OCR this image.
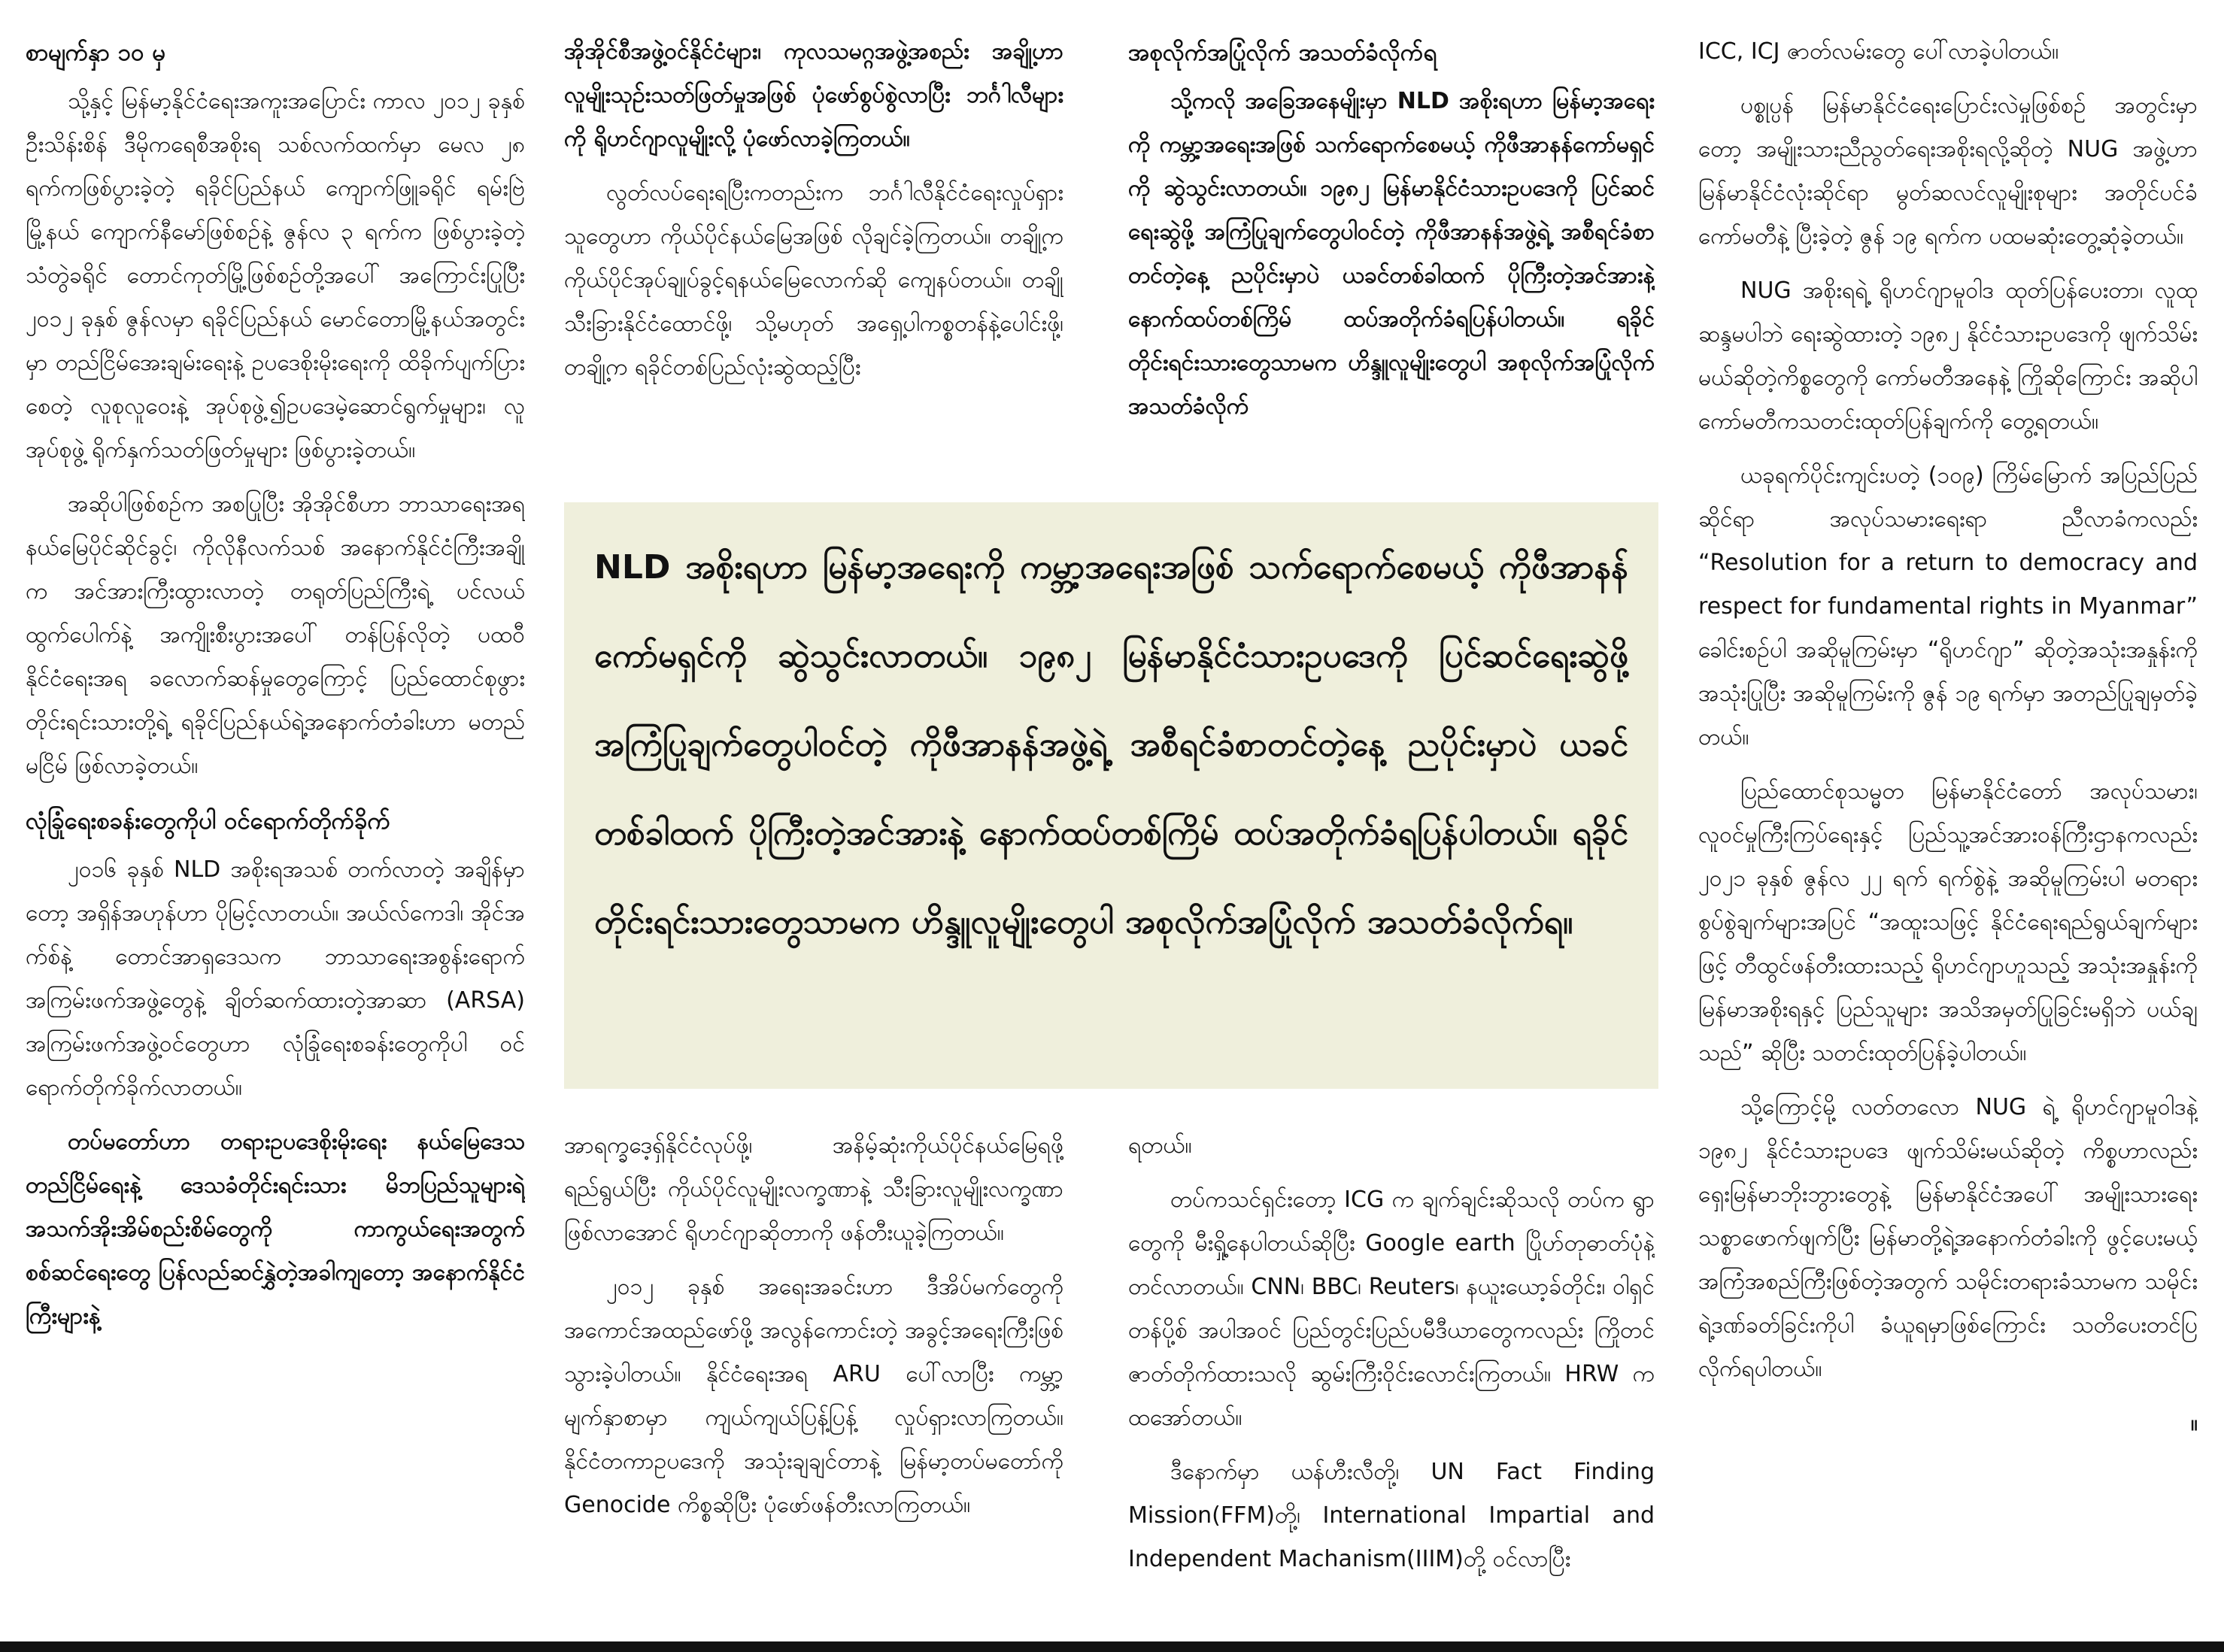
စာမျက်နှာ ၁၀ မှ

သို့နှင့် မြန်မာ့နိုင်ငံရေးအကူးအပြောင်း ကာလ ၂၀၁၂ ခုနှစ် ဦးသိန်းစိန် ဒီမိုကရေစီအစိုးရ သစ်လက်ထက်မှာ မေလ ၂၈ ရက်ကဖြစ်ပွားခဲ့တဲ့ ရခိုင်ပြည်နယ် ကျောက်ဖြူခရိုင် ရမ်းဗြဲမြို့နယ် ကျောက်နီမော်ဖြစ်စဉ်နဲ့ ဇွန်လ ၃ ရက်က ဖြစ်ပွားခဲ့တဲ့ သံတွဲခရိုင် တောင်ကုတ်မြို့ဖြစ်စဉ်တို့အပေါ် အကြောင်းပြုပြီး ၂၀၁၂ ခုနှစ် ဇွန်လမှာ ရခိုင်ပြည်နယ် မောင်တောမြို့နယ်အတွင်းမှာ တည်ငြိမ်အေးချမ်းရေးနဲ့ ဥပဒေစိုးမိုးရေးကို ထိခိုက်ပျက်ပြားစေတဲ့ လူစုလူဝေးနဲ့ အုပ်စုဖွဲ့၍ဥပဒေမဲ့ဆောင်ရွက်မှုများ၊ လူအုပ်စုဖွဲ့ ရိုက်နှက်သတ်ဖြတ်မှုများ ဖြစ်ပွားခဲ့တယ်။

အဆိုပါဖြစ်စဉ်က အစပြုပြီး အိုအိုင်စီဟာ ဘာသာရေးအရ နယ်မြေပိုင်ဆိုင်ခွင့်၊ ကိုလိုနီလက်သစ် အနောက်နိုင်ငံကြီးအချို့က အင်အားကြီးထွားလာတဲ့ တရုတ်ပြည်ကြီးရဲ့ ပင်လယ်ထွက်ပေါက်နဲ့ အကျိုးစီးပွားအပေါ် တန်ပြန်လိုတဲ့ ပထဝီနိုင်ငံရေးအရ ခလောက်ဆန်မှုတွေကြောင့် ပြည်ထောင်စုဖွားတိုင်းရင်းသားတို့ရဲ့ ရခိုင်ပြည်နယ်ရဲ့အနောက်တံခါးဟာ မတည်မငြိမ် ဖြစ်လာခဲ့တယ်။

လုံခြုံရေးစခန်းတွေကိုပါ ဝင်ရောက်တိုက်ခိုက်

၂၀၁၆ ခုနှစ် NLD အစိုးရအသစ် တက်လာတဲ့ အချိန်မှာတော့ အရှိန်အဟုန်ဟာ ပိုမြင့်လာတယ်။ အယ်လ်ကေဒါ၊ အိုင်အက်စ်နဲ့ တောင်အာရှဒေသက ဘာသာရေးအစွန်းရောက် အကြမ်းဖက်အဖွဲ့တွေနဲ့ ချိတ်ဆက်ထားတဲ့အာဆာ (ARSA) အကြမ်းဖက်အဖွဲ့ဝင်တွေဟာ လုံခြုံရေးစခန်းတွေကိုပါ ဝင်ရောက်တိုက်ခိုက်လာတယ်။

တပ်မတော်ဟာ တရားဥပဒေစိုးမိုးရေး နယ်မြေဒေသတည်ငြိမ်ရေးနဲ့ ဒေသခံတိုင်းရင်းသား မိဘပြည်သူများရဲ့အသက်အိုးအိမ်စည်းစိမ်တွေကို ကာကွယ်ရေးအတွက် စစ်ဆင်ရေးတွေ ပြန်လည်ဆင်နွှဲတဲ့အခါကျတော့ အနောက်နိုင်ငံကြီးများနဲ့

အိုအိုင်စီအဖွဲ့ဝင်နိုင်ငံများ၊ ကုလသမဂ္ဂအဖွဲ့အစည်း အချို့ဟာ လူမျိုးသုဉ်းသတ်ဖြတ်မှုအဖြစ် ပုံဖော်စွပ်စွဲလာပြီး ဘင်္ဂါလီများကို ရိုဟင်ဂျာလူမျိုးလို့ ပုံဖော်လာခဲ့ကြတယ်။

လွတ်လပ်ရေးရပြီးကတည်းက ဘင်္ဂါလီနိုင်ငံရေးလှုပ်ရှားသူတွေဟာ ကိုယ်ပိုင်နယ်မြေအဖြစ် လိုချင်ခဲ့ကြတယ်။ တချို့က ကိုယ်ပိုင်အုပ်ချုပ်ခွင့်ရနယ်မြေလောက်ဆို ကျေနပ်တယ်။ တချို့ သီးခြားနိုင်ငံထောင်ဖို့၊ သို့မဟုတ် အရှေ့ပါကစ္စတန်နဲ့ပေါင်းဖို့၊ တချို့က ရခိုင်တစ်ပြည်လုံးဆွဲထည့်ပြီး

အစုလိုက်အပြုံလိုက် အသတ်ခံလိုက်ရ

သို့ကလို အခြေအနေမျိုးမှာ NLD အစိုးရဟာ မြန်မာ့အရေးကို ကမ္ဘာ့အရေးအဖြစ် သက်ရောက်စေမယ့် ကိုဖီအာနန်ကော်မရှင်ကို ဆွဲသွင်းလာတယ်။ ၁၉၈၂ မြန်မာနိုင်ငံသားဥပဒေကို ပြင်ဆင်ရေးဆွဲဖို့ အကြံပြုချက်တွေပါဝင်တဲ့ ကိုဖီအာနန်အဖွဲ့ရဲ့ အစီရင်ခံစာတင်တဲ့နေ့ ညပိုင်းမှာပဲ ယခင်တစ်ခါထက် ပိုကြီးတဲ့အင်အားနဲ့ နောက်ထပ်တစ်ကြိမ် ထပ်အတိုက်ခံရပြန်ပါတယ်။ ရခိုင်တိုင်းရင်းသားတွေသာမက ဟိန္ဒူလူမျိုးတွေပါ အစုလိုက်အပြုံလိုက် အသတ်ခံလိုက်

NLD အစိုးရဟာ မြန်မာ့အရေးကို ကမ္ဘာ့အရေးအဖြစ် သက်ရောက်စေမယ့် ကိုဖီအာနန်ကော်မရှင်ကို ဆွဲသွင်းလာတယ်။ ၁၉၈၂ မြန်မာနိုင်ငံသားဥပဒေကို ပြင်ဆင်ရေးဆွဲဖို့ အကြံပြုချက်တွေပါဝင်တဲ့ ကိုဖီအာနန်အဖွဲ့ရဲ့ အစီရင်ခံစာတင်တဲ့နေ့ ညပိုင်းမှာပဲ ယခင်တစ်ခါထက် ပိုကြီးတဲ့အင်အားနဲ့ နောက်ထပ်တစ်ကြိမ် ထပ်အတိုက်ခံရပြန်ပါတယ်။ ရခိုင်တိုင်းရင်းသားတွေသာမက ဟိန္ဒူလူမျိုးတွေပါ အစုလိုက်အပြုံလိုက် အသတ်ခံလိုက်ရ။

အာရက္ခဒေ့ရှ်နိုင်ငံလုပ်ဖို့၊ အနိမ့်ဆုံးကိုယ်ပိုင်နယ်မြေရဖို့ ရည်ရွယ်ပြီး ကိုယ်ပိုင်လူမျိုးလက္ခဏာနဲ့ သီးခြားလူမျိုးလက္ခဏာဖြစ်လာအောင် ရိုဟင်ဂျာဆိုတာကို ဖန်တီးယူခဲ့ကြတယ်။

၂၀၁၂ ခုနှစ် အရေးအခင်းဟာ ဒီအိပ်မက်တွေကို အကောင်အထည်ဖော်ဖို့ အလွန်ကောင်းတဲ့ အခွင့်အရေးကြီးဖြစ်သွားခဲ့ပါတယ်။ နိုင်ငံရေးအရ ARU ပေါ်လာပြီး ကမ္ဘာ့မျက်နှာစာမှာ ကျယ်ကျယ်ပြန့်ပြန့် လှုပ်ရှားလာကြတယ်။ နိုင်ငံတကာဥပဒေကို အသုံးချချင်တာနဲ့ မြန်မာ့တပ်မတော်ကို Genocide ကိစ္စဆိုပြီး ပုံဖော်ဖန်တီးလာကြတယ်။

ရတယ်။

တပ်ကသင်ရှင်းတော့ ICG က ချက်ချင်းဆိုသလို တပ်က ရွာတွေကို မီးရှို့နေပါတယ်ဆိုပြီး Google earth ပြိုဟ်တုဓာတ်ပုံနဲ့တင်လာတယ်။ CNN၊ BBC၊ Reuters၊ နယူးယော့ခ်တိုင်း၊ ဝါရှင်တန်ပို့စ် အပါအဝင် ပြည်တွင်းပြည်ပမီဒီယာတွေကလည်း ကြိုတင်ဇာတ်တိုက်ထားသလို ဆွမ်းကြီးဝိုင်းလောင်းကြတယ်။ HRW က ထအော်တယ်။

ဒီနောက်မှာ ယန်ဟီးလီတို့၊ UN Fact Finding Mission(FFM)တို့၊ International Impartial and Independent Machanism(IIIM)တို့ ဝင်လာပြီး

ICC, ICJ ဇာတ်လမ်းတွေ ပေါ်လာခဲ့ပါတယ်။

ပစ္စုပ္ပန် မြန်မာနိုင်ငံရေးပြောင်းလဲမှုဖြစ်စဉ် အတွင်းမှာတော့ အမျိုးသားညီညွတ်ရေးအစိုးရလို့ဆိုတဲ့ NUG အဖွဲ့ဟာ မြန်မာနိုင်ငံလုံးဆိုင်ရာ မွတ်ဆလင်လူမျိုးစုများ အတိုင်ပင်ခံကော်မတီနဲ့ ပြီးခဲ့တဲ့ ဇွန် ၁၉ ရက်က ပထမဆုံးတွေ့ဆုံခဲ့တယ်။

NUG အစိုးရရဲ့ ရိုဟင်ဂျာမူဝါဒ ထုတ်ပြန်ပေးတာ၊ လူထုဆန္ဒမပါဘဲ ရေးဆွဲထားတဲ့ ၁၉၈၂ နိုင်ငံသားဥပဒေကို ဖျက်သိမ်းမယ်ဆိုတဲ့ကိစ္စတွေကို ကော်မတီအနေနဲ့ ကြိုဆိုကြောင်း အဆိုပါ ကော်မတီကသတင်းထုတ်ပြန်ချက်ကို တွေ့ရတယ်။

ယခုရက်ပိုင်းကျင်းပတဲ့ (၁၀၉) ကြိမ်မြောက် အပြည်ပြည်ဆိုင်ရာ အလုပ်သမားရေးရာ ညီလာခံကလည်း “Resolution for a return to democracy and respect for fundamental rights in Myanmar” ခေါင်းစဉ်ပါ အဆိုမူကြမ်းမှာ “ရိုဟင်ဂျာ” ဆိုတဲ့အသုံးအနှုန်းကို အသုံးပြုပြီး အဆိုမူကြမ်းကို ဇွန် ၁၉ ရက်မှာ အတည်ပြုချမှတ်ခဲ့တယ်။

ပြည်ထောင်စုသမ္မတ မြန်မာနိုင်ငံတော် အလုပ်သမား၊ လူဝင်မှုကြီးကြပ်ရေးနှင့် ပြည်သူ့အင်အားဝန်ကြီးဌာနကလည်း ၂၀၂၁ ခုနှစ် ဇွန်လ ၂၂ ရက် ရက်စွဲနဲ့ အဆိုမူကြမ်းပါ မတရားစွပ်စွဲချက်များအပြင် “အထူးသဖြင့် နိုင်ငံရေးရည်ရွယ်ချက်များဖြင့် တီထွင်ဖန်တီးထားသည့် ရိုဟင်ဂျာဟူသည့် အသုံးအနှုန်းကို မြန်မာအစိုးရနှင့် ပြည်သူများ အသိအမှတ်ပြုခြင်းမရှိဘဲ ပယ်ချသည်” ဆိုပြီး သတင်းထုတ်ပြန်ခဲ့ပါတယ်။

သို့ကြောင့်မို့ လတ်တလော NUG ရဲ့ ရိုဟင်ဂျာမူဝါဒနဲ့ ၁၉၈၂ နိုင်ငံသားဥပဒေ ဖျက်သိမ်းမယ်ဆိုတဲ့ ကိစ္စဟာလည်း ရှေးမြန်မာဘိုးဘွားတွေနဲ့ မြန်မာနိုင်ငံအပေါ် အမျိုးသားရေးသစ္စာဖောက်ဖျက်ပြီး မြန်မာတို့ရဲ့အနောက်တံခါးကို ဖွင့်ပေးမယ့် အကြံအစည်ကြီးဖြစ်တဲ့အတွက် သမိုင်းတရားခံသာမက သမိုင်းရဲ့ဒဏ်ခတ်ခြင်းကိုပါ ခံယူရမှာဖြစ်ကြောင်း သတိပေးတင်ပြလိုက်ရပါတယ်။

။
